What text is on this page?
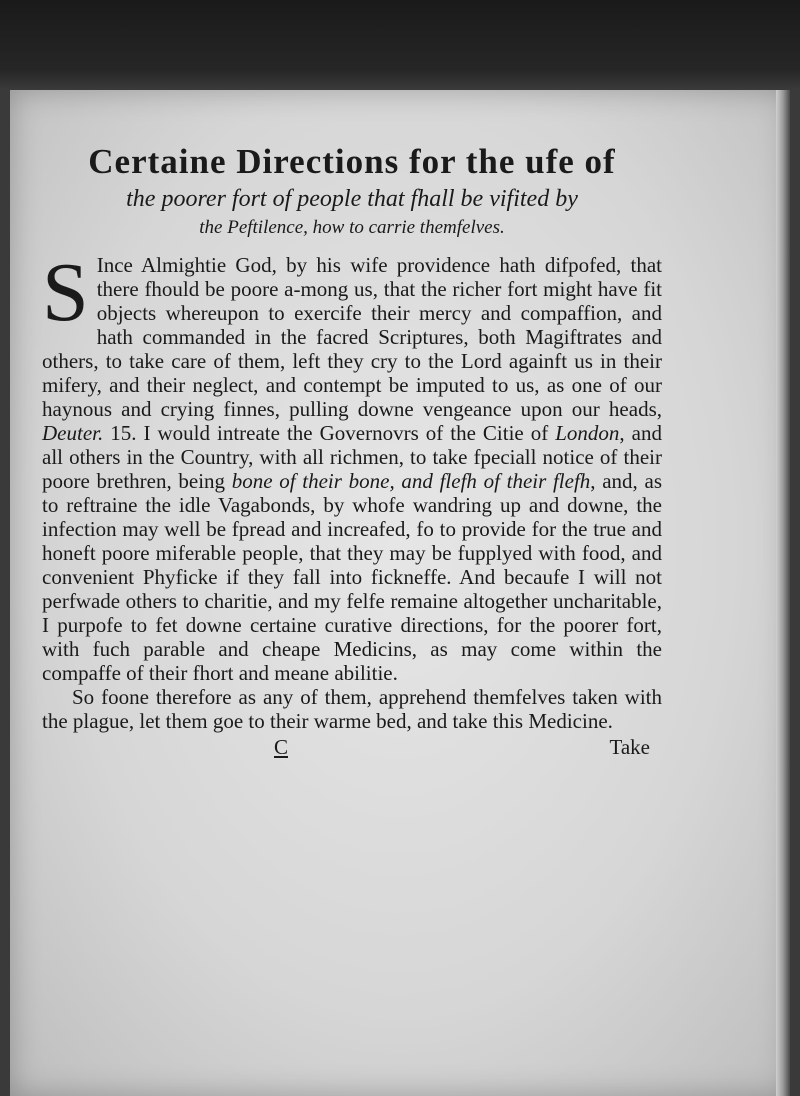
Certaine Directions for the ufe of

the poorer fort of people that fhall be vifited by

the Peftilence, how to carrie themfelves.

S Ince Almightie God, by his wife providence hath difpofed, that there fhould be poore a-mong us, that the richer fort might have fit objects whereupon to exercife their mercy and compaffion, and hath commanded in the facred Scriptures, both Magiftrates and others, to take care of them, left they cry to the Lord againft us in their mifery, and their neglect, and contempt be imputed to us, as one of our haynous and crying finnes, pulling downe vengeance upon our heads, Deuter. 15. I would intreate the Governovrs of the Citie of London, and all others in the Country, with all richmen, to take fpeciall notice of their poore brethren, being bone of their bone, and flefh of their flefh, and, as to reftraine the idle Vagabonds, by whofe wandring up and downe, the infection may well be fpread and increafed, fo to provide for the true and honeft poore miferable people, that they may be fupplyed with food, and convenient Phyficke if they fall into fickneffe. And becaufe I will not perfwade others to charitie, and my felfe remaine altogether uncharitable, I purpofe to fet downe certaine curative directions, for the poorer fort, with fuch parable and cheape Medicins, as may come within the compaffe of their fhort and meane abilitie.

So foone therefore as any of them, apprehend themfelves taken with the plague, let them goe to their warme bed, and take this Medicine.

C	Take
